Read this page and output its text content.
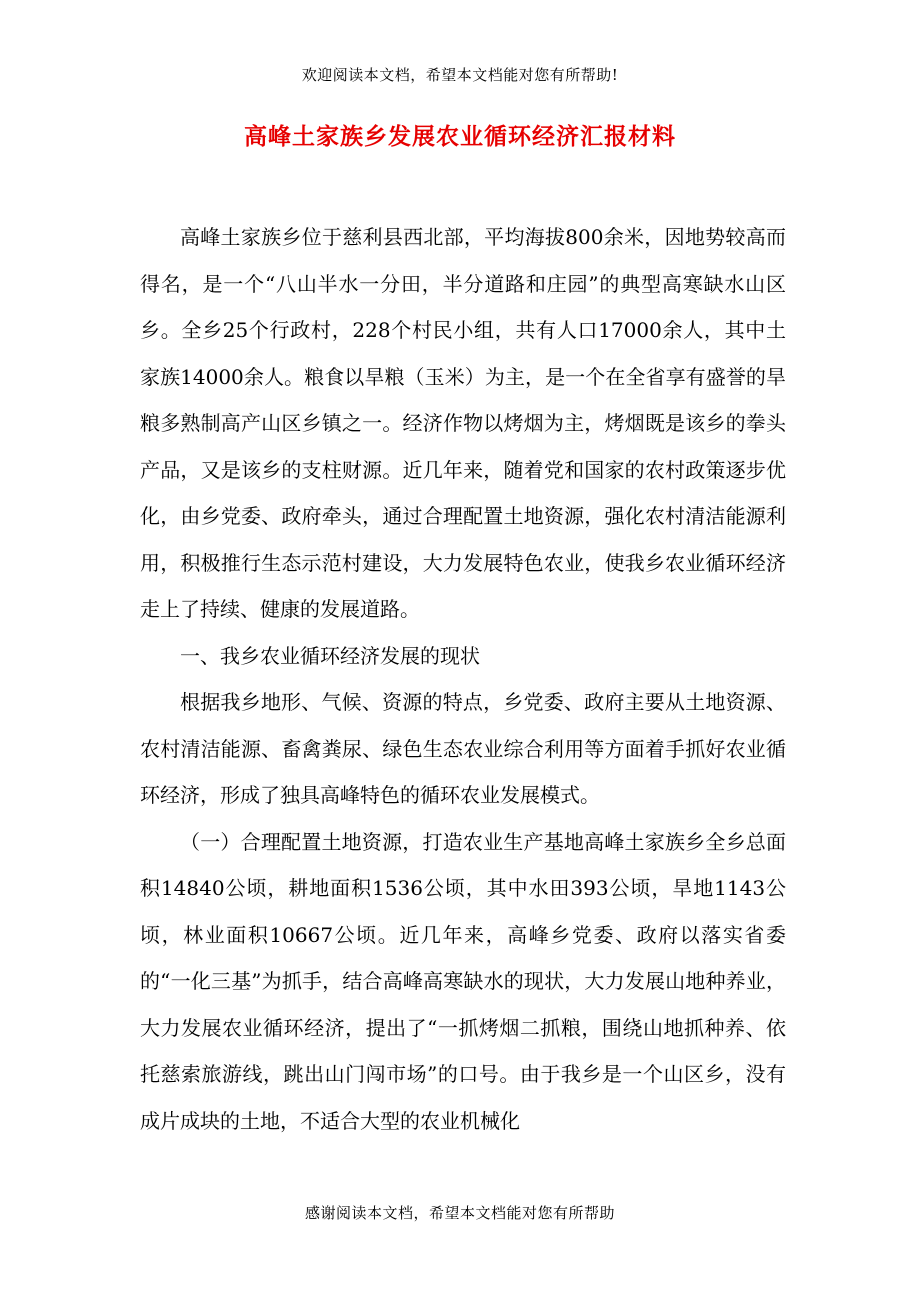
欢迎阅读本文档，希望本文档能对您有所帮助!
高峰土家族乡发展农业循环经济汇报材料

高峰土家族乡位于慈利县西北部，平均海拔800余米，因地势较高而得名，是一个“八山半水一分田，半分道路和庄园”的典型高寒缺水山区乡。全乡25个行政村，228个村民小组，共有人口17000余人，其中土家族14000余人。粮食以旱粮（玉米）为主，是一个在全省享有盛誉的旱粮多熟制高产山区乡镇之一。经济作物以烤烟为主，烤烟既是该乡的拳头产品，又是该乡的支柱财源。近几年来，随着党和国家的农村政策逐步优化，由乡党委、政府牵头，通过合理配置土地资源，强化农村清洁能源利用，积极推行生态示范村建设，大力发展特色农业，使我乡农业循环经济走上了持续、健康的发展道路。

一、我乡农业循环经济发展的现状

根据我乡地形、气候、资源的特点，乡党委、政府主要从土地资源、农村清洁能源、畜禽粪尿、绿色生态农业综合利用等方面着手抓好农业循环经济，形成了独具高峰特色的循环农业发展模式。

（一）合理配置土地资源，打造农业生产基地高峰土家族乡全乡总面积14840公顷，耕地面积1536公顷，其中水田393公顷，旱地1143公顷，林业面积10667公顷。近几年来，高峰乡党委、政府以落实省委的“一化三基”为抓手，结合高峰高寒缺水的现状，大力发展山地种养业，大力发展农业循环经济，提出了“一抓烤烟二抓粮，围绕山地抓种养、依托慈索旅游线，跳出山门闯市场”的口号。由于我乡是一个山区乡，没有成片成块的土地，不适合大型的农业机械化

感谢阅读本文档，希望本文档能对您有所帮助
